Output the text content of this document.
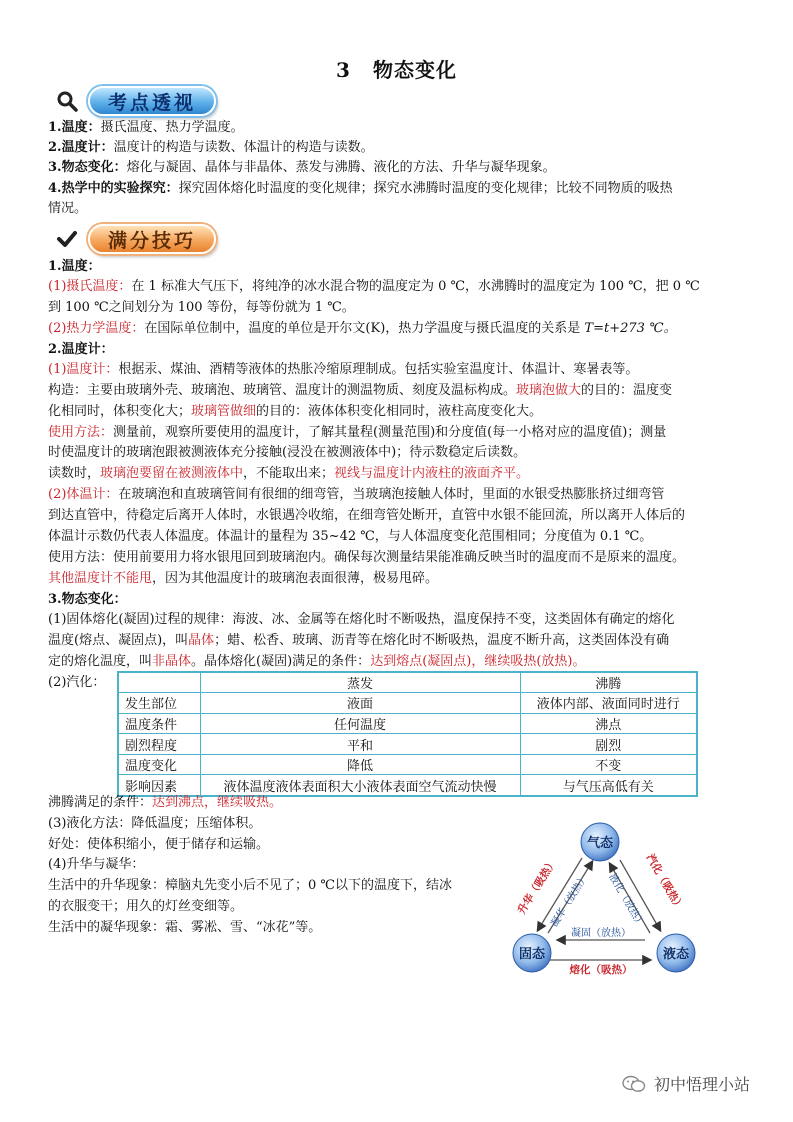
3 物态变化
考点透视
1.温度：摄氏温度、热力学温度。
2.温度计：温度计的构造与读数、体温计的构造与读数。
3.物态变化：熔化与凝固、晶体与非晶体、蒸发与沸腾、液化的方法、升华与凝华现象。
4.热学中的实验探究：探究固体熔化时温度的变化规律；探究水沸腾时温度的变化规律；比较不同物质的吸热
情况。
满分技巧
1.温度：
(1)摄氏温度：在 1 标准大气压下，将纯净的冰水混合物的温度定为 0 ℃，水沸腾时的温度定为 100 ℃，把 0 ℃
到 100 ℃之间划分为 100 等份，每等份就为 1 ℃。
(2)热力学温度：在国际单位制中，温度的单位是开尔文(K)，热力学温度与摄氏温度的关系是 T=t+273 ℃。
2.温度计：
(1)温度计：根据汞、煤油、酒精等液体的热胀冷缩原理制成。包括实验室温度计、体温计、寒暑表等。
构造：主要由玻璃外壳、玻璃泡、玻璃管、温度计的测温物质、刻度及温标构成。玻璃泡做大的目的：温度变
化相同时，体积变化大；玻璃管做细的目的：液体体积变化相同时，液柱高度变化大。
使用方法：测量前，观察所要使用的温度计，了解其量程(测量范围)和分度值(每一小格对应的温度值)；测量
时使温度计的玻璃泡跟被测液体充分接触(浸没在被测液体中)；待示数稳定后读数。
读数时，玻璃泡要留在被测液体中，不能取出来；视线与温度计内液柱的液面齐平。
(2)体温计：在玻璃泡和直玻璃管间有很细的细弯管，当玻璃泡接触人体时，里面的水银受热膨胀挤过细弯管
到达直管中，待稳定后离开人体时，水银遇冷收缩，在细弯管处断开，直管中水银不能回流，所以离开人体后的
体温计示数仍代表人体温度。体温计的量程为 35~42 ℃，与人体温度变化范围相同；分度值为 0.1 ℃。
使用方法：使用前要用力将水银甩回到玻璃泡内。确保每次测量结果能准确反映当时的温度而不是原来的温度。
其他温度计不能甩，因为其他温度计的玻璃泡表面很薄，极易甩碎。
3.物态变化：
(1)固体熔化(凝固)过程的规律：海波、冰、金属等在熔化时不断吸热，温度保持不变，这类固体有确定的熔化
温度(熔点、凝固点)，叫晶体；蜡、松香、玻璃、沥青等在熔化时不断吸热，温度不断升高，这类固体没有确
定的熔化温度，叫非晶体。晶体熔化(凝固)满足的条件：达到熔点(凝固点)，继续吸热(放热)。
(2)汽化：
		蒸发	沸腾
发生部位	液面	液体内部、液面同时进行
温度条件	任何温度	沸点
剧烈程度	平和	剧烈
温度变化	降低	不变
影响因素	液体温度液体表面积大小液体表面空气流动快慢	与气压高低有关
沸腾满足的条件：达到沸点，继续吸热。
(3)液化方法：降低温度；压缩体积。
好处：使体积缩小，便于储存和运输。
(4)升华与凝华：
生活中的升华现象：樟脑丸先变小后不见了；0 ℃以下的温度下，结冰
的衣服变干；用久的灯丝变细等。
生活中的凝华现象：霜、雾凇、雪、“冰花”等。
升华（吸热）
凝华（放热）	汽化（吸热）
液化（放热）
凝固（放热）
熔化（吸热）
气态
固态	液态
初中悟理小站
